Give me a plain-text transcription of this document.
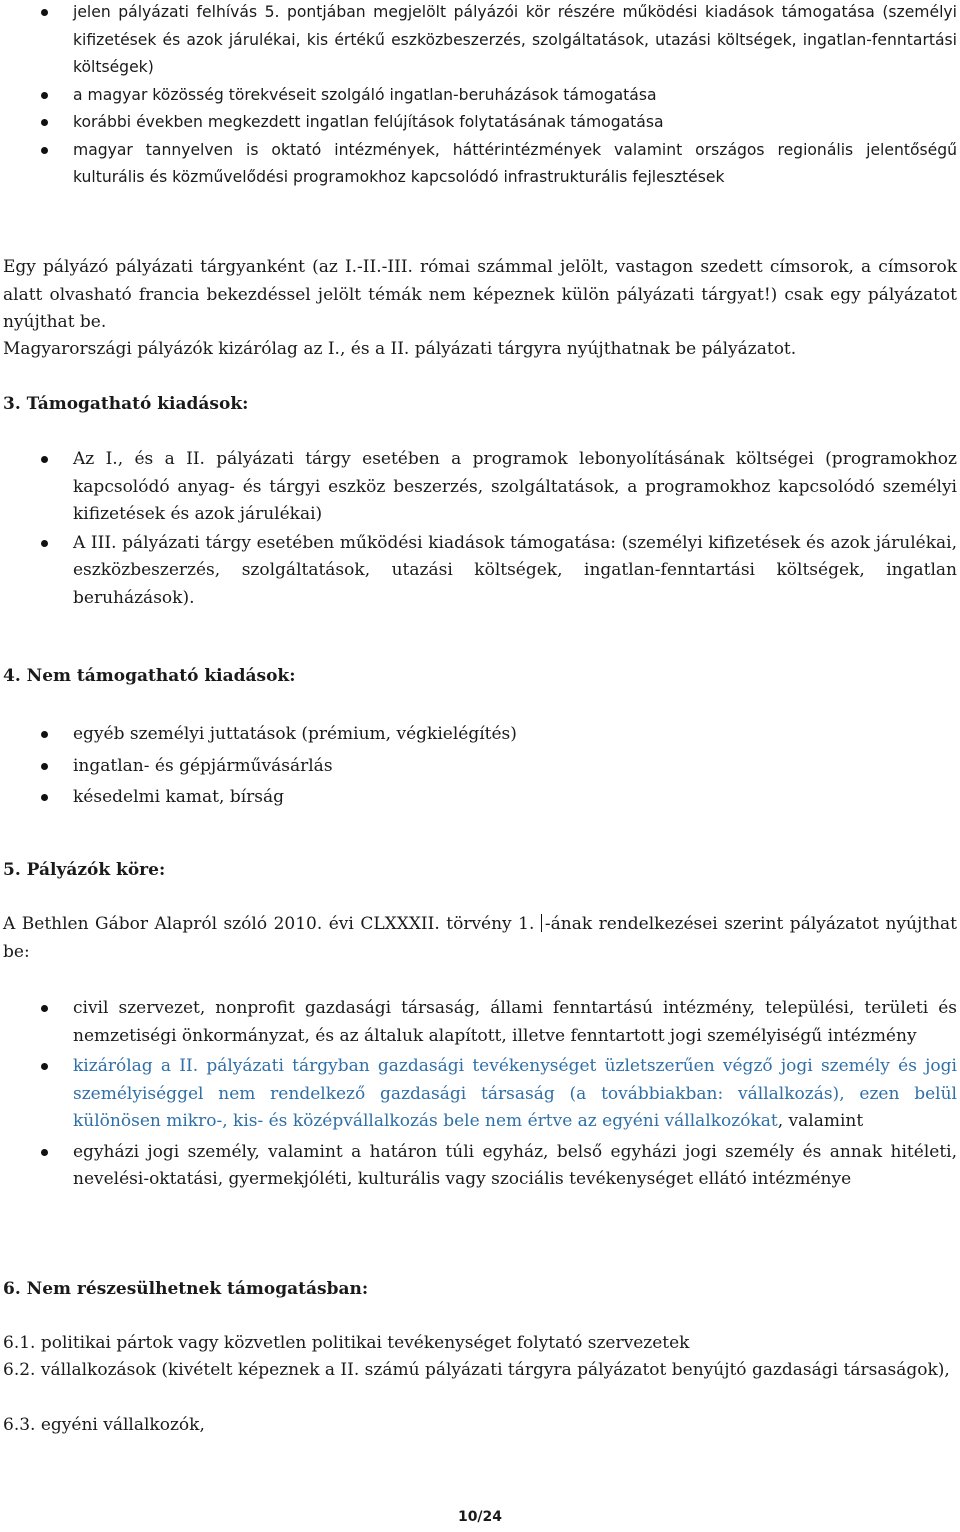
jelen pályázati felhívás 5. pontjában megjelölt pályázói kör részére működési kiadások támogatása (személyi kifizetések és azok járulékai, kis értékű eszközbeszerzés, szolgáltatások, utazási költségek, ingatlan-fenntartási költségek)
a magyar közösség törekvéseit szolgáló ingatlan-beruházások támogatása
korábbi években megkezdett ingatlan felújítások folytatásának támogatása
magyar tannyelven is oktató intézmények, háttérintézmények valamint országos regionális jelentőségű kulturális és közművelődési programokhoz kapcsolódó infrastrukturális fejlesztések
Egy pályázó pályázati tárgyanként (az I.-II.-III. római számmal jelölt, vastagon szedett címsorok, a címsorok alatt olvasható francia bekezdéssel jelölt témák nem képeznek külön pályázati tárgyat!) csak egy pályázatot nyújthat be.
Magyarországi pályázók kizárólag az I., és a II. pályázati tárgyra nyújthatnak be pályázatot.
3. Támogatható kiadások:
Az I., és a II. pályázati tárgy esetében a programok lebonyolításának költségei (programokhoz kapcsolódó anyag- és tárgyi eszköz beszerzés, szolgáltatások, a programokhoz kapcsolódó személyi kifizetések és azok járulékai)
A III. pályázati tárgy esetében működési kiadások támogatása: (személyi kifizetések és azok járulékai, eszközbeszerzés, szolgáltatások, utazási költségek, ingatlan-fenntartási költségek, ingatlan beruházások).
4. Nem támogatható kiadások:
egyéb személyi juttatások (prémium, végkielégítés)
ingatlan- és gépjárművásárlás
késedelmi kamat, bírság
5. Pályázók köre:
A Bethlen Gábor Alapról szóló 2010. évi CLXXXII. törvény 1. -ának rendelkezései szerint pályázatot nyújthat be:
civil szervezet, nonprofit gazdasági társaság, állami fenntartású intézmény, települési, területi és nemzetiségi önkormányzat, és az általuk alapított, illetve fenntartott jogi személyiségű intézmény
kizárólag a II. pályázati tárgyban gazdasági tevékenységet üzletszerűen végző jogi személy és jogi személyiséggel nem rendelkező gazdasági társaság (a továbbiakban: vállalkozás), ezen belül különösen mikro-, kis- és középvállalkozás bele nem értve az egyéni vállalkozókat, valamint
egyházi jogi személy, valamint a határon túli egyház, belső egyházi jogi személy és annak hitéleti, nevelési-oktatási, gyermekjóléti, kulturális vagy szociális tevékenységet ellátó intézménye
6. Nem részesülhetnek támogatásban:
6.1. politikai pártok vagy közvetlen politikai tevékenységet folytató szervezetek
6.2. vállalkozások (kivételt képeznek a II. számú pályázati tárgyra pályázatot benyújtó gazdasági társaságok),
6.3. egyéni vállalkozók,
10/24
